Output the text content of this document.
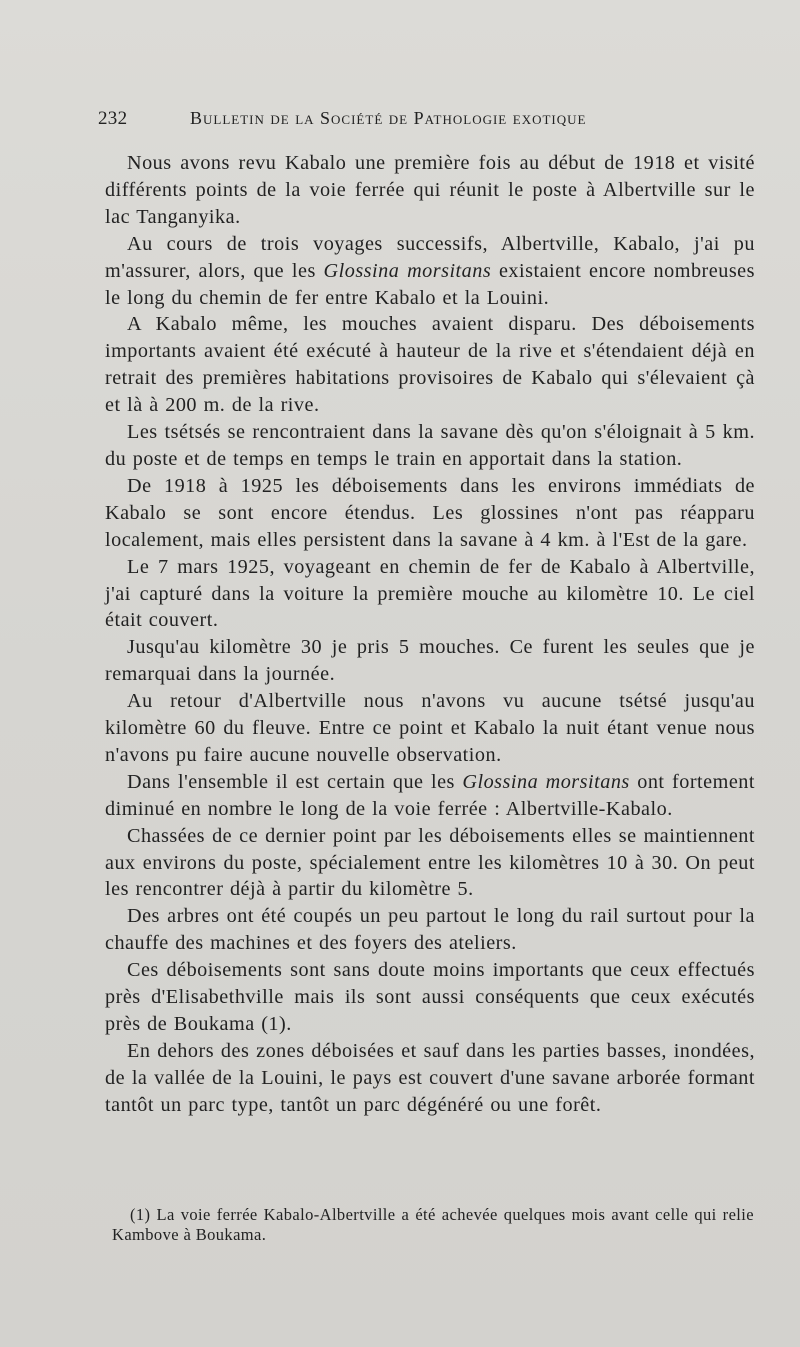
232	Bulletin de la Société de Pathologie exotique

Nous avons revu Kabalo une première fois au début de 1918 et visité différents points de la voie ferrée qui réunit le poste à Albertville sur le lac Tanganyika.

Au cours de trois voyages successifs, Albertville, Kabalo, j'ai pu m'assurer, alors, que les Glossina morsitans existaient encore nombreuses le long du chemin de fer entre Kabalo et la Louini.

A Kabalo même, les mouches avaient disparu. Des déboisements importants avaient été exécuté à hauteur de la rive et s'étendaient déjà en retrait des premières habitations provisoires de Kabalo qui s'élevaient çà et là à 200 m. de la rive.

Les tsétsés se rencontraient dans la savane dès qu'on s'éloignait à 5 km. du poste et de temps en temps le train en apportait dans la station.

De 1918 à 1925 les déboisements dans les environs immédiats de Kabalo se sont encore étendus. Les glossines n'ont pas réapparu localement, mais elles persistent dans la savane à 4 km. à l'Est de la gare.

Le 7 mars 1925, voyageant en chemin de fer de Kabalo à Albertville, j'ai capturé dans la voiture la première mouche au kilomètre 10. Le ciel était couvert.

Jusqu'au kilomètre 30 je pris 5 mouches. Ce furent les seules que je remarquai dans la journée.

Au retour d'Albertville nous n'avons vu aucune tsétsé jusqu'au kilomètre 60 du fleuve. Entre ce point et Kabalo la nuit étant venue nous n'avons pu faire aucune nouvelle observation.

Dans l'ensemble il est certain que les Glossina morsitans ont fortement diminué en nombre le long de la voie ferrée : Albertville-Kabalo.

Chassées de ce dernier point par les déboisements elles se maintiennent aux environs du poste, spécialement entre les kilomètres 10 à 30. On peut les rencontrer déjà à partir du kilomètre 5.

Des arbres ont été coupés un peu partout le long du rail surtout pour la chauffe des machines et des foyers des ateliers.

Ces déboisements sont sans doute moins importants que ceux effectués près d'Elisabethville mais ils sont aussi conséquents que ceux exécutés près de Boukama (1).

En dehors des zones déboisées et sauf dans les parties basses, inondées, de la vallée de la Louini, le pays est couvert d'une savane arborée formant tantôt un parc type, tantôt un parc dégénéré ou une forêt.

(1) La voie ferrée Kabalo-Albertville a été achevée quelques mois avant celle qui relie Kambove à Boukama.
